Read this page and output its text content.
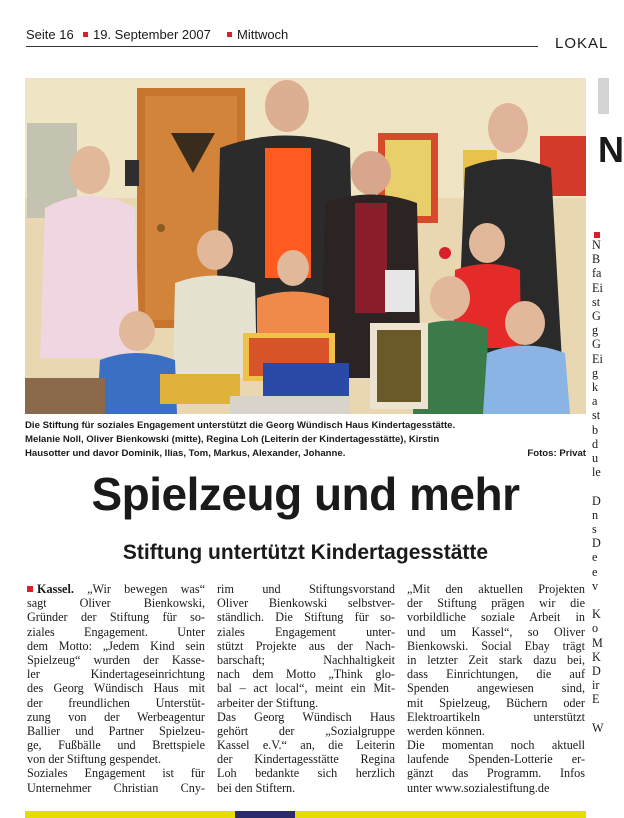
Seite 16 19. September 2007 Mittwoch
LOKAL
Die Stiftung für soziales Engagement unterstützt die Georg Wündisch Haus Kindertagesstätte.
Melanie Noll, Oliver Bienkowski (mitte), Regina Loh (Leiterin der Kindertagesstätte), Kirstin
Hausotter und davor Dominik, Ilias, Tom, Markus, Alexander, Johanne.	Fotos: Privat
Spielzeug und mehr
Stiftung untertützt Kindertagesstätte
Kassel. „Wir bewegen was“
sagt Oliver Bienkowski,
Gründer der Stiftung für so-
ziales Engagement. Unter
dem Motto: „Jedem Kind sein
Spielzeug“ wurden der Kasse-
ler Kindertageseinrichtung
des Georg Wündisch Haus mit
der freundlichen Unterstüt-
zung von der Werbeagentur
Ballier und Partner Spielzeu-
ge, Fußbälle und Brettspiele
von der Stiftung gespendet.
Soziales Engagement ist für
Unternehmer Christian Cny-
rim und Stiftungsvorstand
Oliver Bienkowski selbstver-
ständlich. Die Stiftung für so-
ziales Engagement unter-
stützt Projekte aus der Nach-
barschaft; Nachhaltigkeit
nach dem Motto „Think glo-
bal – act local“, meint ein Mit-
arbeiter der Stiftung.
Das Georg Wündisch Haus
gehört der „Sozialgruppe
Kassel e.V.“ an, die Leiterin
der Kindertagesstätte Regina
Loh bedankte sich herzlich
bei den Stiftern.
„Mit den aktuellen Projekten
der Stiftung prägen wir die
vorbildliche soziale Arbeit in
und um Kassel“, so Oliver
Bienkowski. Social Ebay trägt
in letzter Zeit stark dazu bei,
dass Einrichtungen, die auf
Spenden angewiesen sind,
mit Spielzeug, Büchern oder
Elektroartikeln unterstützt
werden können.
Die momentan noch aktuell
laufende Spenden-Lotterie er-
gänzt das Programm. Infos
unter www.sozialestiftung.de
N
N
B
fa
Ei
st
G
g
G
Ei
g
k
a
st
b
d
u
le
D
n
s
D
e
e
v
K
o
M
K
D
ir
E
W
